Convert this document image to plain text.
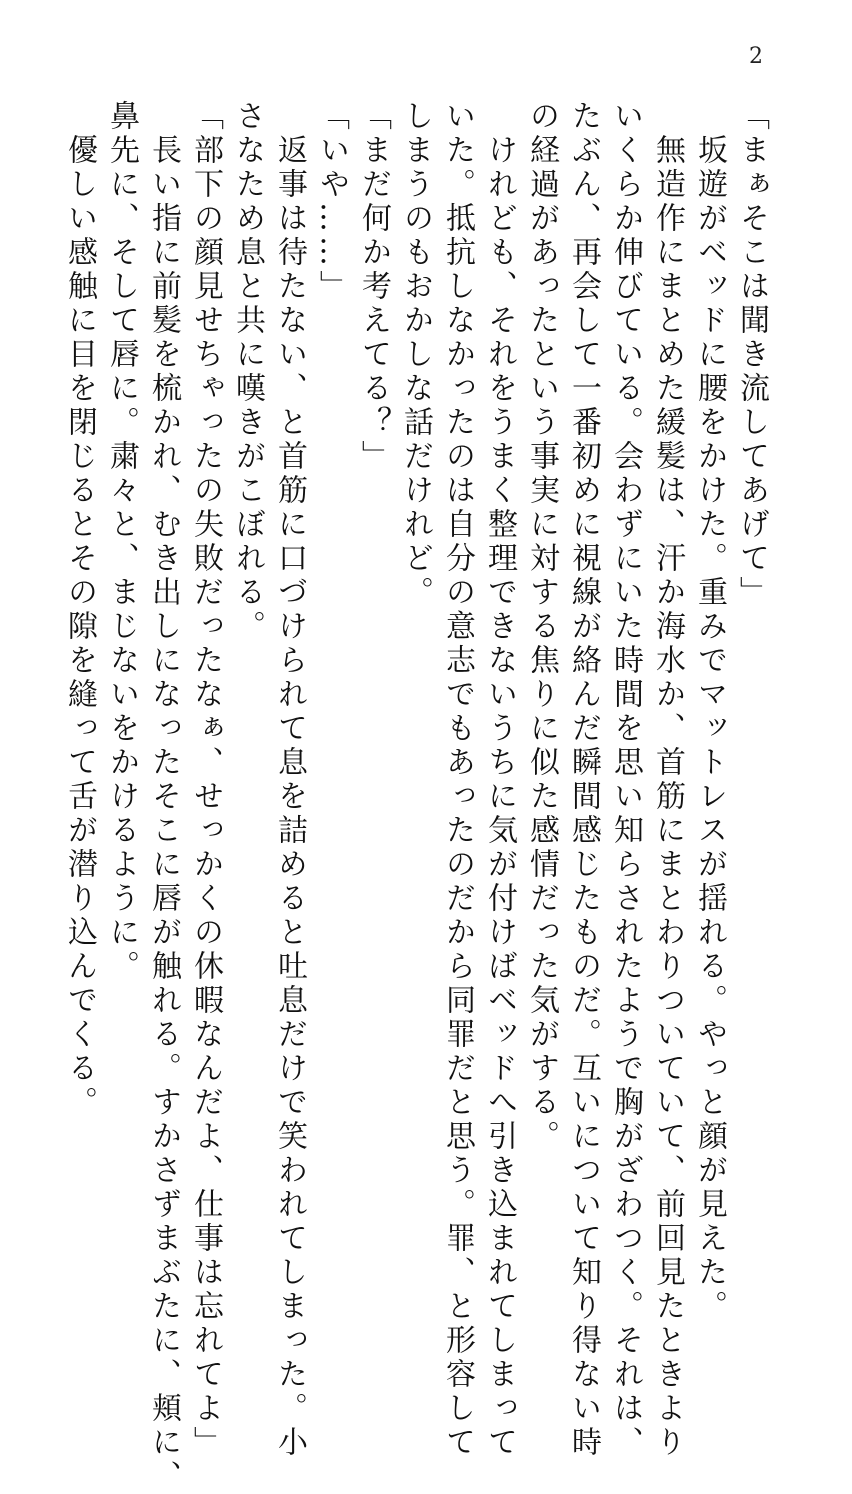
2
「まぁそこは聞き流してあげて」
　坂遊がベッドに腰をかけた。重みでマットレスが揺れる。やっと顔が見えた。
　無造作にまとめた緩髪は、汗か海水か、首筋にまとわりついていて、前回見たときより
いくらか伸びている。会わずにいた時間を思い知らされたようで胸がざわつく。それは、
たぶん、再会して一番初めに視線が絡んだ瞬間感じたものだ。互いについて知り得ない時
の経過があったという事実に対する焦りに似た感情だった気がする。
　けれども、それをうまく整理できないうちに気が付けばベッドへ引き込まれてしまって
いた。抵抗しなかったのは自分の意志でもあったのだから同罪だと思う。罪、と形容して
しまうのもおかしな話だけれど。
「まだ何か考えてる？」
「いや……」
　返事は待たない、と首筋に口づけられて息を詰めると吐息だけで笑われてしまった。小
さなため息と共に嘆きがこぼれる。
「部下の顔見せちゃったの失敗だったなぁ、せっかくの休暇なんだよ、仕事は忘れてよ」
　長い指に前髪を梳かれ、むき出しになったそこに唇が触れる。すかさずまぶたに、頬に、
鼻先に、そして唇に。粛々と、まじないをかけるように。
　優しい感触に目を閉じるとその隙を縫って舌が潜り込んでくる。
